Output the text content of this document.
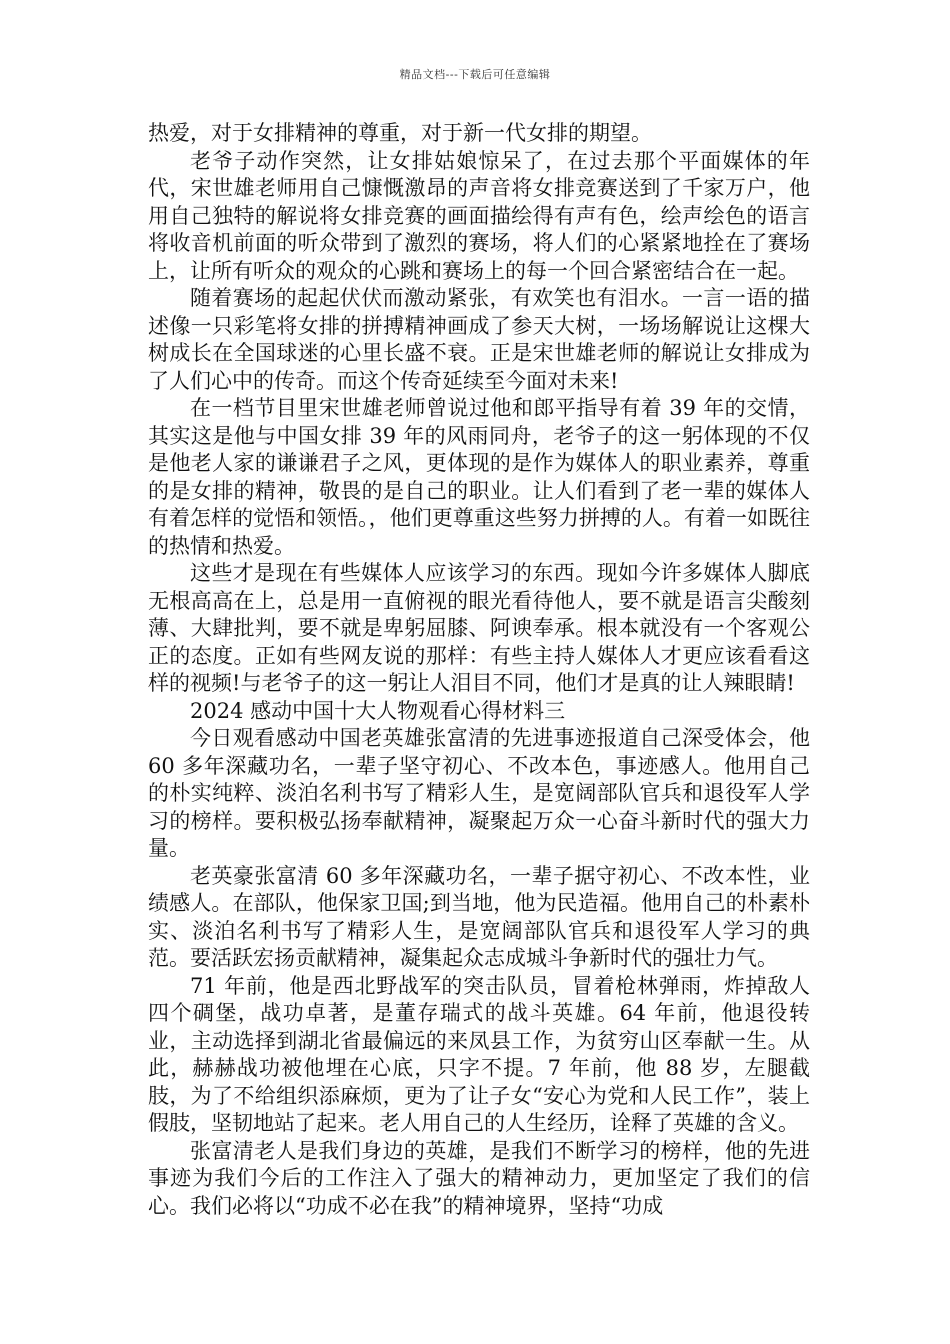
精品文档---下载后可任意编辑

热爱，对于女排精神的尊重，对于新一代女排的期望。

老爷子动作突然，让女排姑娘惊呆了，在过去那个平面媒体的年代，宋世雄老师用自己慷慨激昂的声音将女排竞赛送到了千家万户，他用自己独特的解说将女排竞赛的画面描绘得有声有色，绘声绘色的语言将收音机前面的听众带到了激烈的赛场，将人们的心紧紧地拴在了赛场上，让所有听众的观众的心跳和赛场上的每一个回合紧密结合在一起。

随着赛场的起起伏伏而激动紧张，有欢笑也有泪水。一言一语的描述像一只彩笔将女排的拼搏精神画成了参天大树，一场场解说让这棵大树成长在全国球迷的心里长盛不衰。正是宋世雄老师的解说让女排成为了人们心中的传奇。而这个传奇延续至今面对未来!

在一档节目里宋世雄老师曾说过他和郎平指导有着 39 年的交情，其实这是他与中国女排 39 年的风雨同舟，老爷子的这一躬体现的不仅是他老人家的谦谦君子之风，更体现的是作为媒体人的职业素养，尊重的是女排的精神，敬畏的是自己的职业。让人们看到了老一辈的媒体人有着怎样的觉悟和领悟。，他们更尊重这些努力拼搏的人。有着一如既往的热情和热爱。

这些才是现在有些媒体人应该学习的东西。现如今许多媒体人脚底无根高高在上，总是用一直俯视的眼光看待他人，要不就是语言尖酸刻薄、大肆批判，要不就是卑躬屈膝、阿谀奉承。根本就没有一个客观公正的态度。正如有些网友说的那样：有些主持人媒体人才更应该看看这样的视频!与老爷子的这一躬让人泪目不同，他们才是真的让人辣眼睛!

2024 感动中国十大人物观看心得材料三

今日观看感动中国老英雄张富清的先进事迹报道自己深受体会，他 60 多年深藏功名，一辈子坚守初心、不改本色，事迹感人。他用自己的朴实纯粹、淡泊名利书写了精彩人生，是宽阔部队官兵和退役军人学习的榜样。要积极弘扬奉献精神，凝聚起万众一心奋斗新时代的强大力量。

老英豪张富清 60 多年深藏功名，一辈子据守初心、不改本性，业绩感人。在部队，他保家卫国;到当地，他为民造福。他用自己的朴素朴实、淡泊名利书写了精彩人生，是宽阔部队官兵和退役军人学习的典范。要活跃宏扬贡献精神，凝集起众志成城斗争新时代的强壮力气。

71 年前，他是西北野战军的突击队员，冒着枪林弹雨，炸掉敌人四个碉堡，战功卓著，是董存瑞式的战斗英雄。64 年前，他退役转业，主动选择到湖北省最偏远的来凤县工作，为贫穷山区奉献一生。从此，赫赫战功被他埋在心底，只字不提。7 年前，他 88 岁，左腿截肢，为了不给组织添麻烦，更为了让子女“安心为党和人民工作”，装上假肢，坚韧地站了起来。老人用自己的人生经历，诠释了英雄的含义。

张富清老人是我们身边的英雄，是我们不断学习的榜样，他的先进事迹为我们今后的工作注入了强大的精神动力，更加坚定了我们的信心。我们必将以“功成不必在我”的精神境界，坚持“功成
